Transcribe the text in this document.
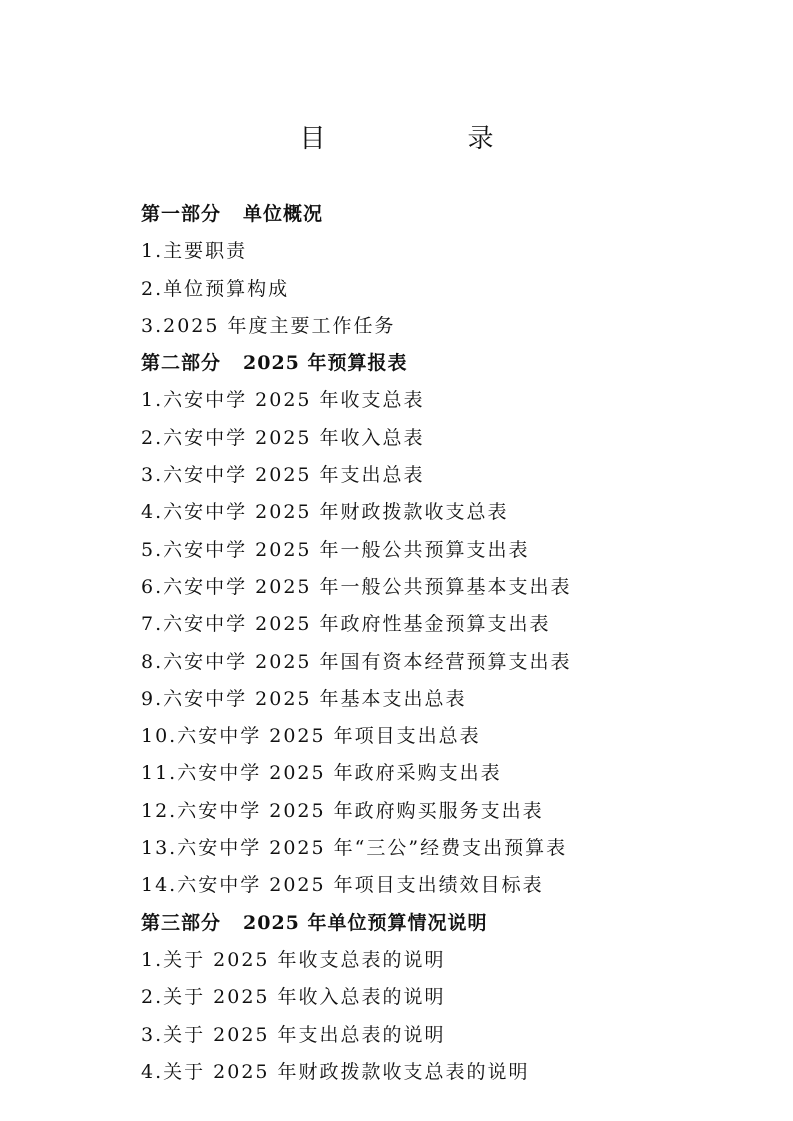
目　录
第一部分 单位概况
1.主要职责
2.单位预算构成
3.2025 年度主要工作任务
第二部分 2025 年预算报表
1.六安中学 2025 年收支总表
2.六安中学 2025 年收入总表
3.六安中学 2025 年支出总表
4.六安中学 2025 年财政拨款收支总表
5.六安中学 2025 年一般公共预算支出表
6.六安中学 2025 年一般公共预算基本支出表
7.六安中学 2025 年政府性基金预算支出表
8.六安中学 2025 年国有资本经营预算支出表
9.六安中学 2025 年基本支出总表
10.六安中学 2025 年项目支出总表
11.六安中学 2025 年政府采购支出表
12.六安中学 2025 年政府购买服务支出表
13.六安中学 2025 年“三公”经费支出预算表
14.六安中学 2025 年项目支出绩效目标表
第三部分 2025 年单位预算情况说明
1.关于 2025 年收支总表的说明
2.关于 2025 年收入总表的说明
3.关于 2025 年支出总表的说明
4.关于 2025 年财政拨款收支总表的说明
